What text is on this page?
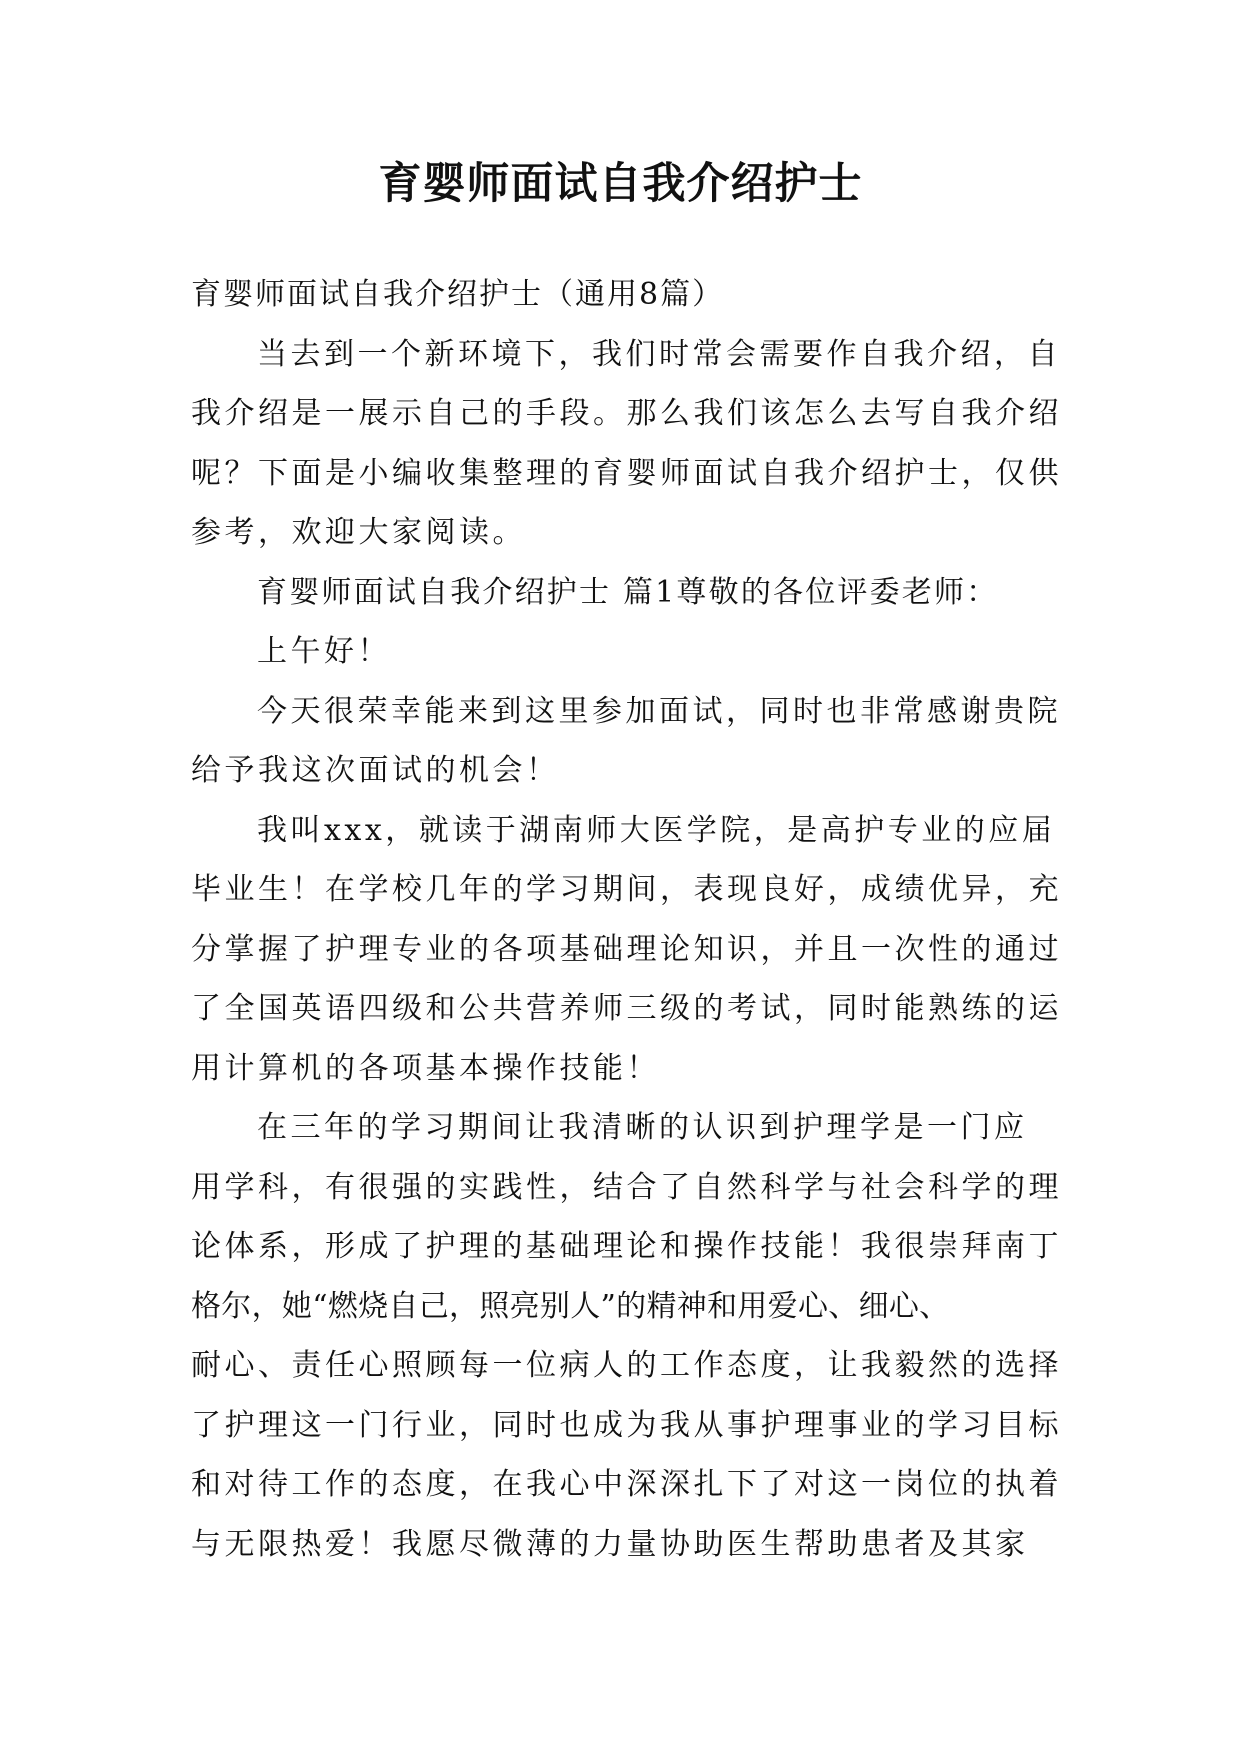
育婴师面试自我介绍护士
育婴师面试自我介绍护士（通用8篇）
当去到一个新环境下，我们时常会需要作自我介绍，自
我介绍是一展示自己的手段。那么我们该怎么去写自我介绍
呢？下面是小编收集整理的育婴师面试自我介绍护士，仅供
参考，欢迎大家阅读。
育婴师面试自我介绍护士 篇1尊敬的各位评委老师：
上午好！
今天很荣幸能来到这里参加面试，同时也非常感谢贵院
给予我这次面试的机会！
我叫xxx，就读于湖南师大医学院，是高护专业的应届
毕业生！在学校几年的学习期间，表现良好，成绩优异，充
分掌握了护理专业的各项基础理论知识，并且一次性的通过
了全国英语四级和公共营养师三级的考试，同时能熟练的运
用计算机的各项基本操作技能！
在三年的学习期间让我清晰的认识到护理学是一门应
用学科，有很强的实践性，结合了自然科学与社会科学的理
论体系，形成了护理的基础理论和操作技能！我很崇拜南丁
格尔，她“燃烧自己，照亮别人”的精神和用爱心、细心、
耐心、责任心照顾每一位病人的工作态度，让我毅然的选择
了护理这一门行业，同时也成为我从事护理事业的学习目标
和对待工作的态度，在我心中深深扎下了对这一岗位的执着
与无限热爱！我愿尽微薄的力量协助医生帮助患者及其家
